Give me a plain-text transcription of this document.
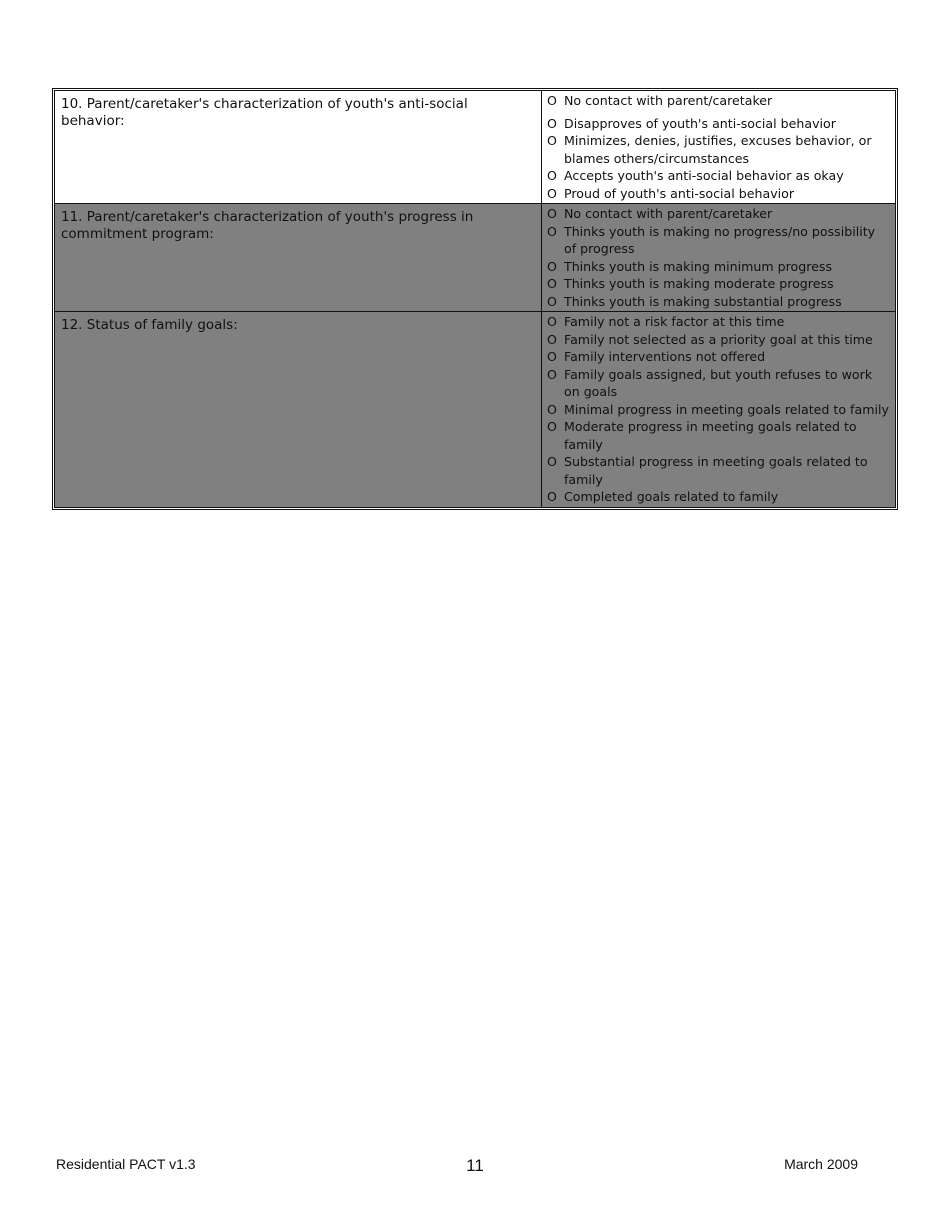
10. Parent/caretaker's characterization of youth's anti-social behavior:
O No contact with parent/caretaker
O Disapproves of youth's anti-social behavior
O Minimizes, denies, justifies, excuses behavior, or blames others/circumstances
O Accepts youth's anti-social behavior as okay
O Proud of youth's anti-social behavior
11. Parent/caretaker's characterization of youth's progress in commitment program:
O No contact with parent/caretaker
O Thinks youth is making no progress/no possibility of progress
O Thinks youth is making minimum progress
O Thinks youth is making moderate progress
O Thinks youth is making substantial progress
12. Status of family goals:	O Family not a risk factor at this time
O Family not selected as a priority goal at this time
O Family interventions not offered
O Family goals assigned, but youth refuses to work on goals
O Minimal progress in meeting goals related to family
O Moderate progress in meeting goals related to family
O Substantial progress in meeting goals related to family
O Completed goals related to family
Residential PACT v1.3	11	March 2009
